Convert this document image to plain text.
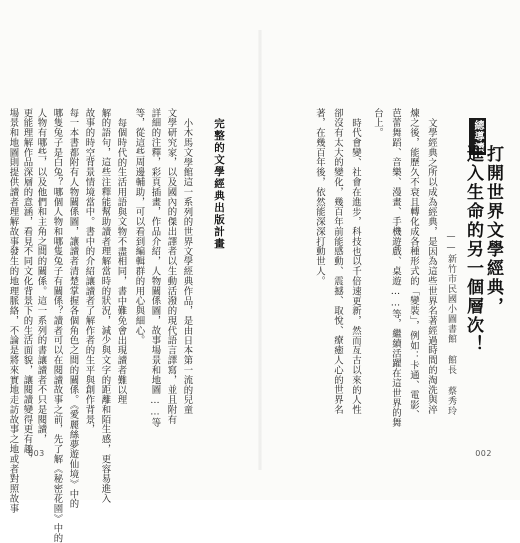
總導讀
打開世界文學經典，
進入生命的另一個層次！
——新竹市民國小圖書館 館長 蔡秀玲
文學經典之所以成為經典，是因為這些世界名著經過時間的淘洗與淬
煉之後，能歷久不衰且轉化成各種形式的「變裝」，例如：卡通、電影、
芭蕾舞蹈、音樂、漫畫、手機遊戲、桌遊……等，繼續活躍在這世界的舞
台上。
時代會變、社會在進步，科技也以千倍速更新，然而亙古以來的人性
卻沒有太大的變化，幾百年前能感動、震撼、取悅、療癒人心的世界名
著，在幾百年後，依然能深深打動世人。
002
完整的文學經典出版計畫
小木馬文學館這一系列的世界文學經典作品，是由日本第一流的兒童
文學研究家，以及國內的傑出譯者以生動活潑的現代語言譯寫，並且附有
詳細的注釋，彩頁插畫，作品介紹，人物關係圖，故事場景和地圖……等
等，從這些周邊輔助，可以看到編輯群的用心與細心。
每個時代的生活用語與文物不盡相同，書中難免會出現讀者難以理
解的語句，這些注釋能幫助讀者理解當時的狀況，減少與文字的距離和陌生感，更容易進入
故事的時空背景情境當中。書中的介紹讓讀者了解作者的生平與創作背景，
每一本書都附有人物關係圖，讓讀者清楚掌握各個角色之間的關係。《愛麗絲夢遊仙境》中的
哪隻兔子是白兔？哪個人物和哪隻兔子有關係？讀者可以在閱讀故事之前，先了解《秘密花園》中的
人物有哪些，以及他們和主角之間的關係。這一系列的書讓讀者不只是閱讀，
更能理解作品深層的意涵，看見不同文化背景下的生活面貌，讓閱讀變得更有趣，
場景和地圖則提供讀者理解故事發生的地理脈絡，不論是將來實地走訪故事之地或者對照故事 003
